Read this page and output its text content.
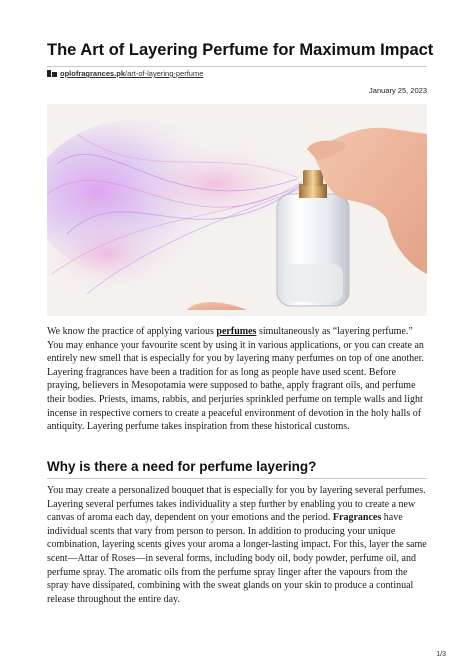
The Art of Layering Perfume for Maximum Impact
oplofragrances.pk/art-of-layering-perfume
January 25, 2023

We know the practice of applying various perfumes simultaneously as “layering perfume.” You may enhance your favourite scent by using it in various applications, or you can create an entirely new smell that is especially for you by layering many perfumes on top of one another. Layering fragrances have been a tradition for as long as people have used scent. Before praying, believers in Mesopotamia were supposed to bathe, apply fragrant oils, and perfume their bodies. Priests, imams, rabbis, and perjuries sprinkled perfume on temple walls and light incense in respective corners to create a peaceful environment of devotion in the holy halls of antiquity. Layering perfume takes inspiration from these historical customs.

Why is there a need for perfume layering?

You may create a personalized bouquet that is especially for you by layering several perfumes. Layering several perfumes takes individuality a step further by enabling you to create a new canvas of aroma each day, dependent on your emotions and the period. Fragrances have individual scents that vary from person to person. In addition to producing your unique combination, layering scents gives your aroma a longer-lasting impact. For this, layer the same scent—Attar of Roses—in several forms, including body oil, body powder, perfume oil, and perfume spray. The aromatic oils from the perfume spray linger after the vapours from the spray have dissipated, combining with the sweat glands on your skin to produce a continual release throughout the entire day.

1/3
